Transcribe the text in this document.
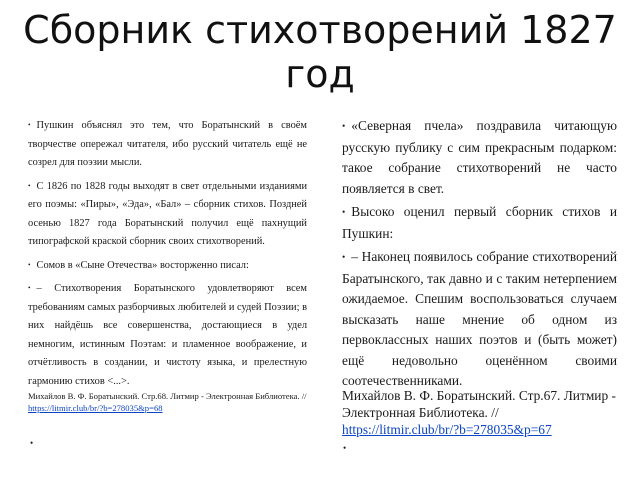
Сборник стихотворений 1827 год

• Пушкин объяснял это тем, что Боратынский в своём творчестве опережал читателя, ибо русский читатель ещё не созрел для поэзии мысли.

• С 1826 по 1828 годы выходят в свет отдельными изданиями его поэмы: «Пиры», «Эда», «Бал» – сборник стихов. Поздней осенью 1827 года Боратынский получил ещё пахнущий типографской краской сборник своих стихотворений.

• Сомов в «Сыне Отечества» восторженно писал:

• – Стихотворения Боратынского удовлетворяют всем требованиям самых разборчивых любителей и судей Поэзии; в них найдёшь все совершенства, достающиеся в удел немногим, истинным Поэтам: и пламенное воображение, и отчётливость в создании, и чистоту языка, и прелестную гармонию стихов <...>.

Михайлов В. Ф. Боратынский. Стр.68. Литмир - Электронная Библиотека. // https://litmir.club/br/?b=278035&p=68
•

• «Северная пчела» поздравила читающую русскую публику с сим прекрасным подарком: такое собрание стихотворений не часто появляется в свет.

• Высоко оценил первый сборник стихов и Пушкин:

• – Наконец появилось собрание стихотворений Баратынского, так давно и с таким нетерпением ожидаемое. Спешим воспользоваться случаем высказать наше мнение об одном из первоклассных наших поэтов и (быть может) ещё недовольно оценённом своими соотечественниками.

Михайлов В. Ф. Боратынский. Стр.67. Литмир - Электронная Библиотека. // https://litmir.club/br/?b=278035&p=67
•
